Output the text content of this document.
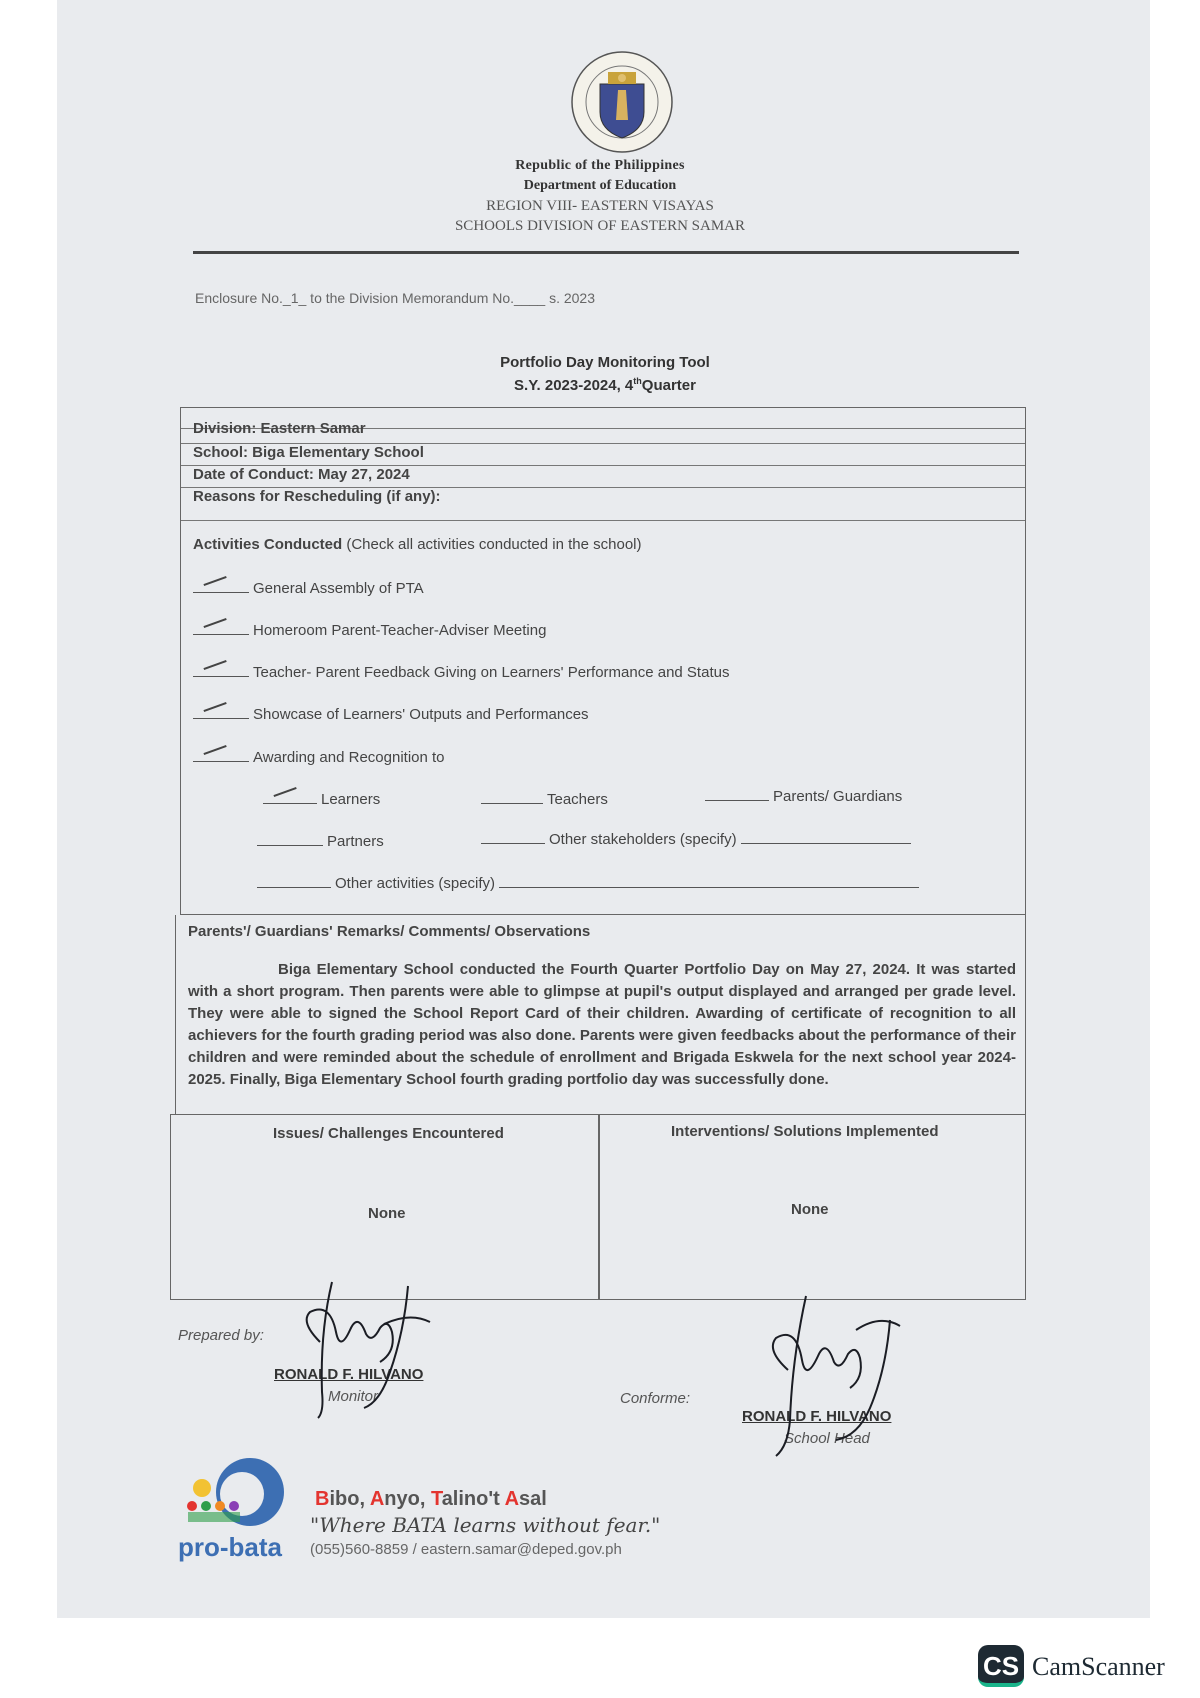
Republic of the Philippines
Department of Education
REGION VIII- EASTERN VISAYAS
SCHOOLS DIVISION OF EASTERN SAMAR
Enclosure No._1_ to the Division Memorandum No.____ s. 2023
Portfolio Day Monitoring Tool
S.Y. 2023-2024, 4thQuarter
Division: Eastern Samar
School: Biga Elementary School
Date of Conduct: May 27, 2024
Reasons for Rescheduling (if any):
Activities Conducted (Check all activities conducted in the school)
General Assembly of PTA
Homeroom Parent-Teacher-Adviser Meeting
Teacher- Parent Feedback Giving on Learners' Performance and Status
Showcase of Learners' Outputs and Performances
Awarding and Recognition to
Learners	Teachers	Parents/ Guardians
Partners	Other stakeholders (specify)
Other activities (specify)
Parents'/ Guardians' Remarks/ Comments/ Observations
Biga Elementary School conducted the Fourth Quarter Portfolio Day on May 27, 2024. It was started with a short program. Then parents were able to glimpse at pupil's output displayed and arranged per grade level. They were able to signed the School Report Card of their children. Awarding of certificate of recognition to all achievers for the fourth grading period was also done. Parents were given feedbacks about the performance of their children and were reminded about the schedule of enrollment and Brigada Eskwela for the next school year 2024-2025. Finally, Biga Elementary School fourth grading portfolio day was successfully done.
Issues/ Challenges Encountered
None
Interventions/ Solutions Implemented
None
Prepared by:
RONALD F. HILVANO
Monitor	Conforme:
RONALD F. HILVANO
School Head
pro-bata
Bibo, Anyo, Talino't Asal
"Where BATA learns without fear."
(055)560-8859 / eastern.samar@deped.gov.ph
CS CamScanner
